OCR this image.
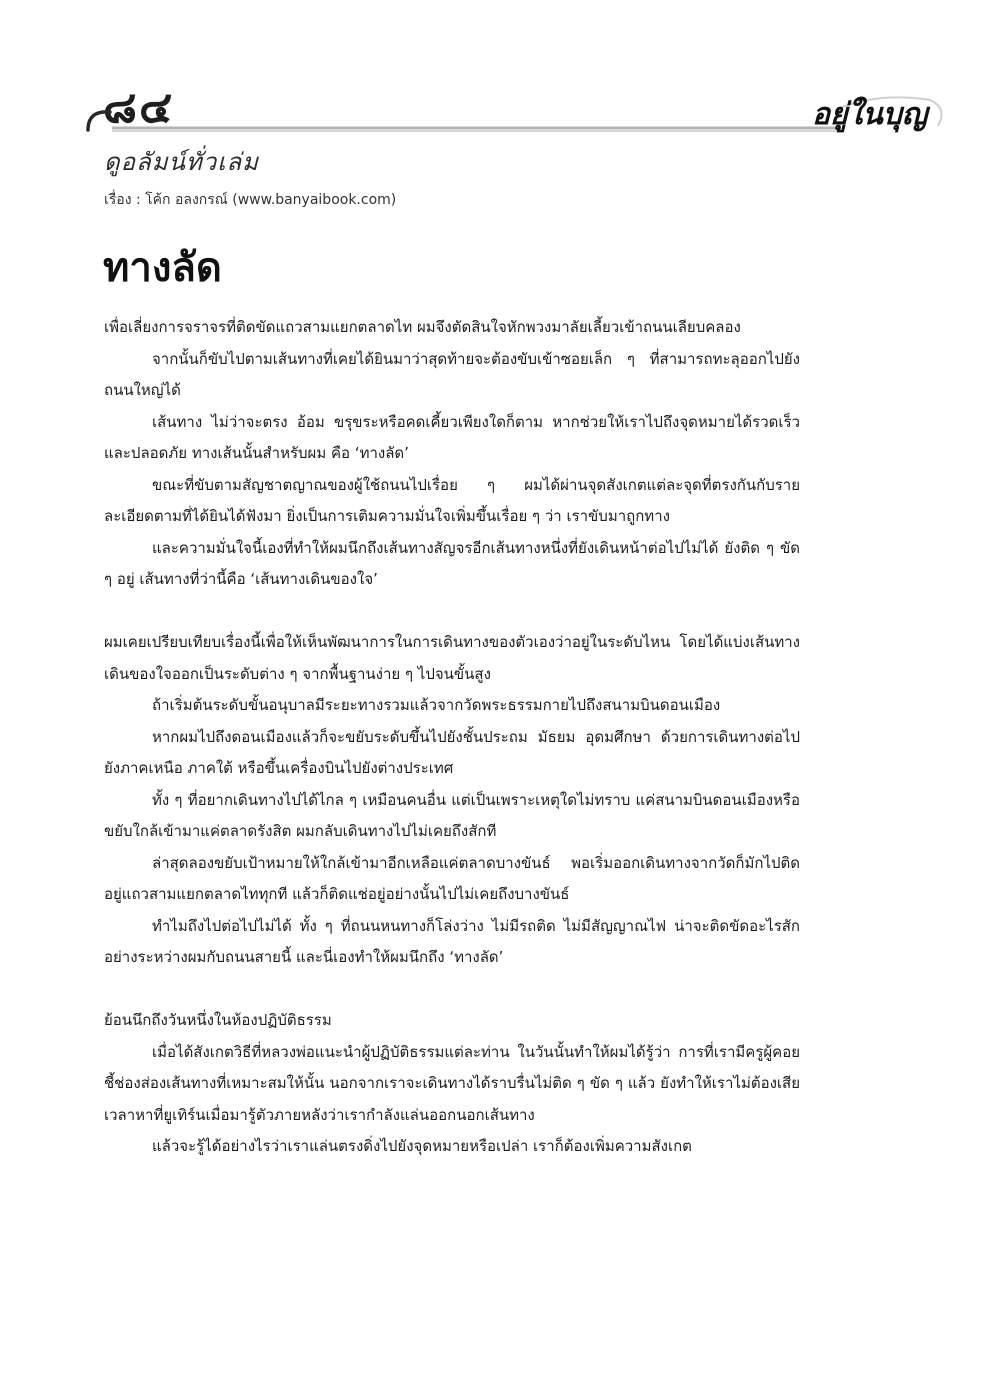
๘๔	อยู่ในบุญ
ดูอลัมน์ทั่วเล่ม
เรื่อง : โค้ก อลงกรณ์ (www.banyaibook.com)
ทางลัด

เพื่อเลี่ยงการจราจรที่ติดขัดแถวสามแยกตลาดไท ผมจึงตัดสินใจหักพวงมาลัยเลี้ยวเข้าถนนเลียบคลอง

จากนั้นก็ขับไปตามเส้นทางที่เคยได้ยินมาว่าสุดท้ายจะต้องขับเข้าซอยเล็ก ๆ ที่สามารถทะลุออกไปยังถนนใหญ่ได้

เส้นทาง ไม่ว่าจะตรง อ้อม ขรุขระหรือคดเคี้ยวเพียงใดก็ตาม หากช่วยให้เราไปถึงจุดหมายได้รวดเร็วและปลอดภัย ทางเส้นนั้นสำหรับผม คือ ‘ทางลัด’

ขณะที่ขับตามสัญชาตญาณของผู้ใช้ถนนไปเรื่อย ๆ ผมได้ผ่านจุดสังเกตแต่ละจุดที่ตรงกันกับรายละเอียดตามที่ได้ยินได้ฟังมา ยิ่งเป็นการเติมความมั่นใจเพิ่มขึ้นเรื่อย ๆ ว่า เราขับมาถูกทาง

และความมั่นใจนี้เองที่ทำให้ผมนึกถึงเส้นทางสัญจรอีกเส้นทางหนึ่งที่ยังเดินหน้าต่อไปไม่ได้ ยังติด ๆ ขัด ๆ อยู่ เส้นทางที่ว่านี้คือ ‘เส้นทางเดินของใจ’

ผมเคยเปรียบเทียบเรื่องนี้เพื่อให้เห็นพัฒนาการในการเดินทางของตัวเองว่าอยู่ในระดับไหน โดยได้แบ่งเส้นทางเดินของใจออกเป็นระดับต่าง ๆ จากพื้นฐานง่าย ๆ ไปจนขั้นสูง

ถ้าเริ่มต้นระดับขั้นอนุบาลมีระยะทางรวมแล้วจากวัดพระธรรมกายไปถึงสนามบินดอนเมือง

หากผมไปถึงดอนเมืองแล้วก็จะขยับระดับขึ้นไปยังชั้นประถม มัธยม อุดมศึกษา ด้วยการเดินทางต่อไปยังภาคเหนือ ภาคใต้ หรือขึ้นเครื่องบินไปยังต่างประเทศ

ทั้ง ๆ ที่อยากเดินทางไปได้ไกล ๆ เหมือนคนอื่น แต่เป็นเพราะเหตุใดไม่ทราบ แค่สนามบินดอนเมืองหรือขยับใกล้เข้ามาแค่ตลาดรังสิต ผมกลับเดินทางไปไม่เคยถึงสักที

ล่าสุดลองขยับเป้าหมายให้ใกล้เข้ามาอีกเหลือแค่ตลาดบางขันธ์ พอเริ่มออกเดินทางจากวัดก็มักไปติดอยู่แถวสามแยกตลาดไททุกที แล้วก็ติดแช่อยู่อย่างนั้นไปไม่เคยถึงบางขันธ์

ทำไมถึงไปต่อไปไม่ได้ ทั้ง ๆ ที่ถนนหนทางก็โล่งว่าง ไม่มีรถติด ไม่มีสัญญาณไฟ น่าจะติดขัดอะไรสักอย่างระหว่างผมกับถนนสายนี้ และนี่เองทำให้ผมนึกถึง ‘ทางลัด’

ย้อนนึกถึงวันหนึ่งในห้องปฏิบัติธรรม

เมื่อได้สังเกตวิธีที่หลวงพ่อแนะนำผู้ปฏิบัติธรรมแต่ละท่าน ในวันนั้นทำให้ผมได้รู้ว่า การที่เรามีครูผู้คอยชี้ช่องส่องเส้นทางที่เหมาะสมให้นั้น นอกจากเราจะเดินทางได้ราบรื่นไม่ติด ๆ ขัด ๆ แล้ว ยังทำให้เราไม่ต้องเสียเวลาหาที่ยูเทิร์นเมื่อมารู้ตัวภายหลังว่าเรากำลังแล่นออกนอกเส้นทาง

แล้วจะรู้ได้อย่างไรว่าเราแล่นตรงดิ่งไปยังจุดหมายหรือเปล่า เราก็ต้องเพิ่มความสังเกต
